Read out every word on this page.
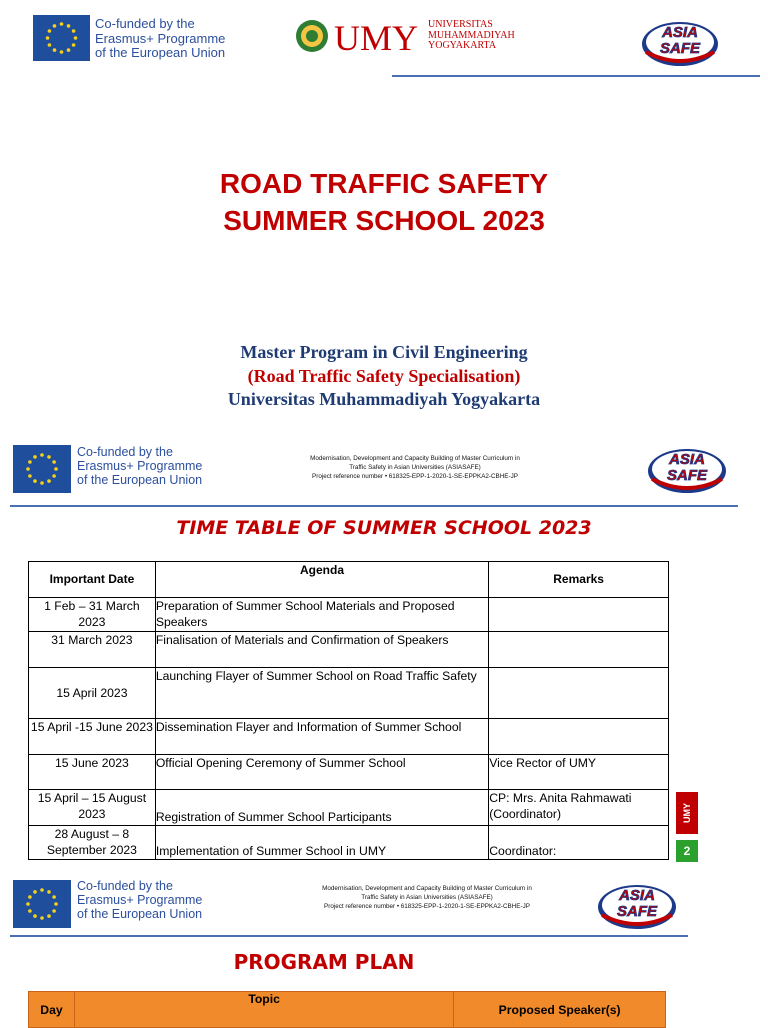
Co-funded by the
Erasmus+ Programme
of the European Union	UMY UNIVERSITAS
MUHAMMADIYAH
YOGYAKARTA
ASIA
SAFE
ROAD TRAFFIC SAFETY
SUMMER SCHOOL 2023
Master Program in Civil Engineering
(Road Traffic Safety Specialisation)
Universitas Muhammadiyah Yogyakarta
Co-funded by the
Erasmus+ Programme
of the European Union
Modernisation, Development and Capacity Building of Master Curriculum in
Traffic Safety in Asian Universities (ASIASAFE)
Project reference number • 618325-EPP-1-2020-1-SE-EPPKA2-CBHE-JP
ASIA
SAFE
TIME TABLE OF SUMMER SCHOOL 2023
Important Date	Agenda	Remarks
1 Feb – 31 March 2023	Preparation of Summer School Materials and Proposed Speakers	
31 March 2023	Finalisation of Materials and Confirmation of Speakers	
15 April 2023	Launching Flayer of Summer School on Road Traffic Safety	
15 April -15 June 2023	Dissemination Flayer and Information of Summer School	
15 June 2023	Official Opening Ceremony of Summer School	Vice Rector of UMY
15 April – 15 August 2023	Registration of Summer School Participants	CP: Mrs. Anita Rahmawati (Coordinator)
28 August – 8 September 2023	Implementation of Summer School in UMY	Coordinator:
UMY
2
Co-funded by the
Erasmus+ Programme
of the European Union
Modernisation, Development and Capacity Building of Master Curriculum in
Traffic Safety in Asian Universities (ASIASAFE)
Project reference number • 618325-EPP-1-2020-1-SE-EPPKA2-CBHE-JP
ASIA
SAFE
PROGRAM PLAN
Day	Topic	Proposed Speaker(s)
